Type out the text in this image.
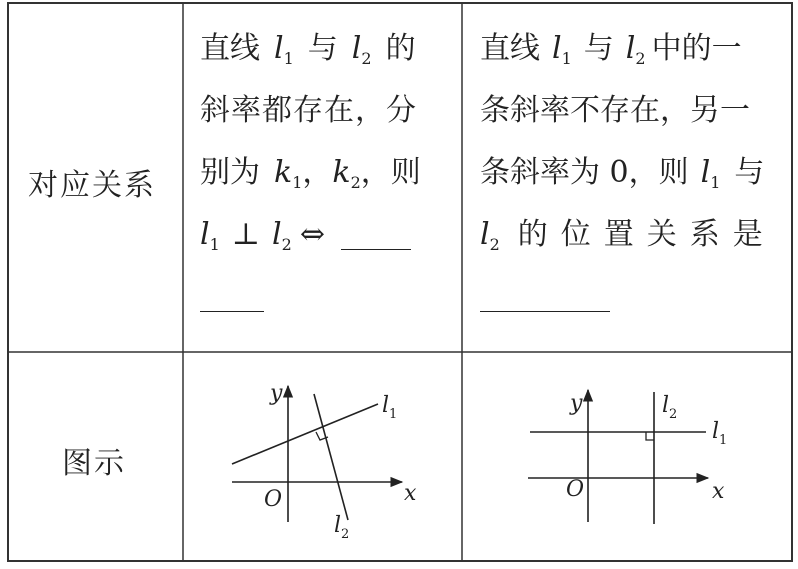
对应关系
直线 $l_1$ 与 $l_2$ 的
斜率都存在，分
别为 $k_1$，$k_2$，则
$l_1$ ⊥ $l_2$ ⇔
直线 $l_1$ 与 $l_2$ 中的一
条斜率不存在，另一
条斜率为 0，则 $l_1$ 与
$l_2$ 的位置关系是
图示
y
x
O
$l_1$
$l_2$
y
x
O
$l_1$
$l_2$
